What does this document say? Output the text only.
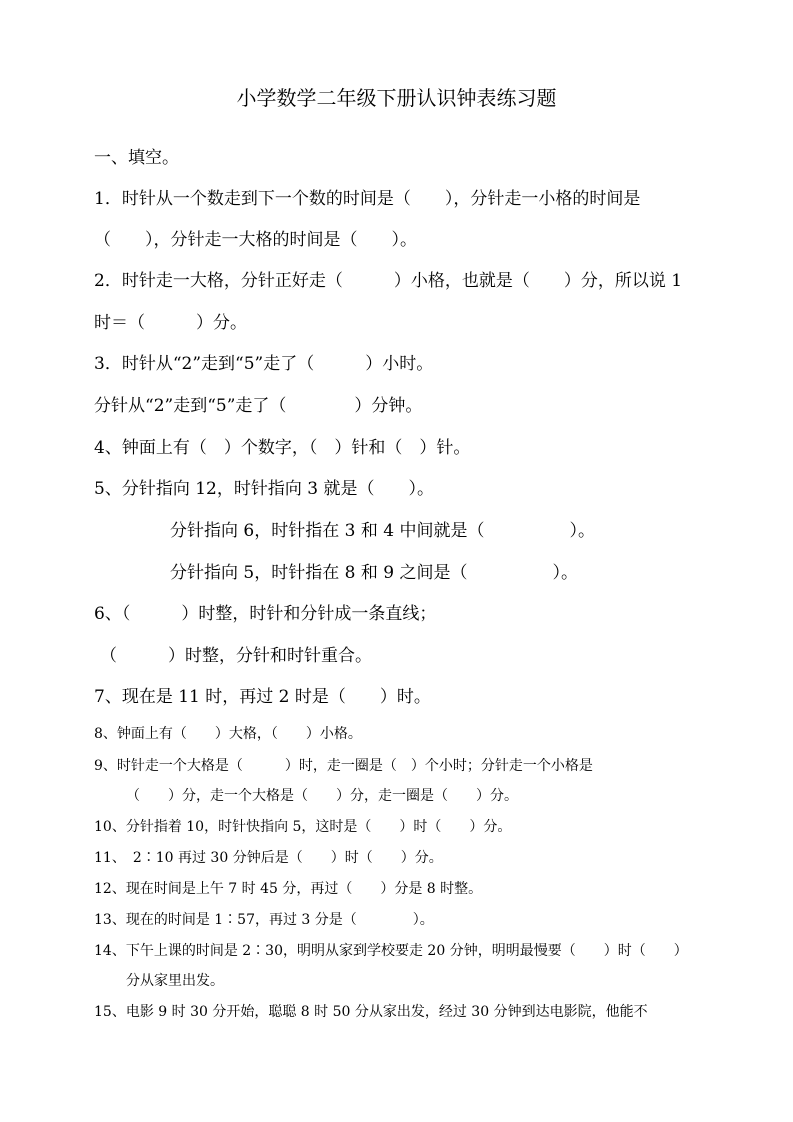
小学数学二年级下册认识钟表练习题
一、填空。
1．时针从一个数走到下一个数的时间是（　　），分针走一小格的时间是
（　　），分针走一大格的时间是（　　）。
2．时针走一大格，分针正好走（　　　）小格，也就是（　　）分，所以说 1
时＝（　　　）分。
3．时针从“2”走到“5”走了（　　　）小时。
分针从“2”走到“5”走了（　　　　）分钟。
4、钟面上有（　）个数字，（　）针和（　）针。
5、分针指向 12，时针指向 3 就是（　　）。
分针指向 6，时针指在 3 和 4 中间就是（　　　　　）。
分针指向 5，时针指在 8 和 9 之间是（　　　　　）。
6、（　　　）时整，时针和分针成一条直线；
（　　　）时整，分针和时针重合。
7、现在是 11 时，再过 2 时是（　　）时。
8、钟面上有（　　）大格，（　　）小格。
9、时针走一个大格是（　　　）时，走一圈是（　）个小时；分针走一个小格是
（　　）分，走一个大格是（　　）分，走一圈是（　　）分。
10、分针指着 10，时针快指向 5，这时是（　　）时（　　）分。
11、　2∶10 再过 30 分钟后是（　　）时（　　）分。
12、现在时间是上午 7 时 45 分，再过（　　）分是 8 时整。
13、现在的时间是 1∶57，再过 3 分是（　　　　）。
14、下午上课的时间是 2∶30，明明从家到学校要走 20 分钟，明明最慢要（　　）时（　　）
分从家里出发。
15、电影 9 时 30 分开始，聪聪 8 时 50 分从家出发，经过 30 分钟到达电影院，他能不
